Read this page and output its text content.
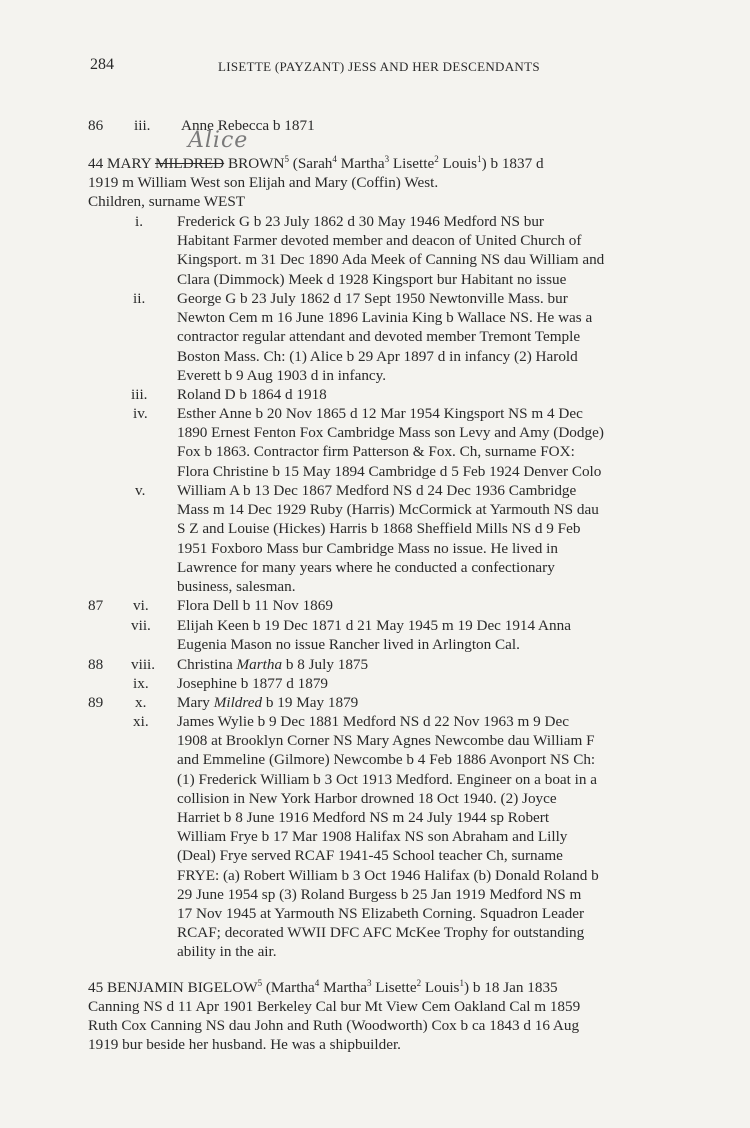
284	LISETTE (PAYZANT) JESS AND HER DESCENDANTS
Alice
86 iii. Anne Rebecca b 1871
44 MARY MILDRED BROWN$^5$ (Sarah$^4$ Martha$^3$ Lisette$^2$ Louis$^1$) b 1837 d
1919 m William West son Elijah and Mary (Coffin) West.
Children, surname WEST
i. Frederick G b 23 July 1862 d 30 May 1946 Medford NS bur
Habitant Farmer devoted member and deacon of United Church of
Kingsport. m 31 Dec 1890 Ada Meek of Canning NS dau William and
Clara (Dimmock) Meek d 1928 Kingsport bur Habitant no issue
ii. George G b 23 July 1862 d 17 Sept 1950 Newtonville Mass. bur
Newton Cem m 16 June 1896 Lavinia King b Wallace NS. He was a
contractor regular attendant and devoted member Tremont Temple
Boston Mass. Ch: (1) Alice b 29 Apr 1897 d in infancy (2) Harold
Everett b 9 Aug 1903 d in infancy.
iii. Roland D b 1864 d 1918
iv. Esther Anne b 20 Nov 1865 d 12 Mar 1954 Kingsport NS m 4 Dec
1890 Ernest Fenton Fox Cambridge Mass son Levy and Amy (Dodge)
Fox b 1863. Contractor firm Patterson & Fox. Ch, surname FOX:
Flora Christine b 15 May 1894 Cambridge d 5 Feb 1924 Denver Colo
v. William A b 13 Dec 1867 Medford NS d 24 Dec 1936 Cambridge
Mass m 14 Dec 1929 Ruby (Harris) McCormick at Yarmouth NS dau
S Z and Louise (Hickes) Harris b 1868 Sheffield Mills NS d 9 Feb
1951 Foxboro Mass bur Cambridge Mass no issue. He lived in
Lawrence for many years where he conducted a confectionary
business, salesman.
87 vi. Flora Dell b 11 Nov 1869
vii. Elijah Keen b 19 Dec 1871 d 21 May 1945 m 19 Dec 1914 Anna
Eugenia Mason no issue Rancher lived in Arlington Cal.
88 viii. Christina Martha b 8 July 1875
ix. Josephine b 1877 d 1879
89 x. Mary Mildred b 19 May 1879
xi. James Wylie b 9 Dec 1881 Medford NS d 22 Nov 1963 m 9 Dec
1908 at Brooklyn Corner NS Mary Agnes Newcombe dau William F
and Emmeline (Gilmore) Newcombe b 4 Feb 1886 Avonport NS Ch:
(1) Frederick William b 3 Oct 1913 Medford. Engineer on a boat in a
collision in New York Harbor drowned 18 Oct 1940. (2) Joyce
Harriet b 8 June 1916 Medford NS m 24 July 1944 sp Robert
William Frye b 17 Mar 1908 Halifax NS son Abraham and Lilly
(Deal) Frye served RCAF 1941-45 School teacher Ch, surname
FRYE: (a) Robert William b 3 Oct 1946 Halifax (b) Donald Roland b
29 June 1954 sp (3) Roland Burgess b 25 Jan 1919 Medford NS m
17 Nov 1945 at Yarmouth NS Elizabeth Corning. Squadron Leader
RCAF; decorated WWII DFC AFC McKee Trophy for outstanding
ability in the air.
45 BENJAMIN BIGELOW$^5$ (Martha$^4$ Martha$^3$ Lisette$^2$ Louis$^1$) b 18 Jan 1835
Canning NS d 11 Apr 1901 Berkeley Cal bur Mt View Cem Oakland Cal m 1859
Ruth Cox Canning NS dau John and Ruth (Woodworth) Cox b ca 1843 d 16 Aug
1919 bur beside her husband. He was a shipbuilder.
